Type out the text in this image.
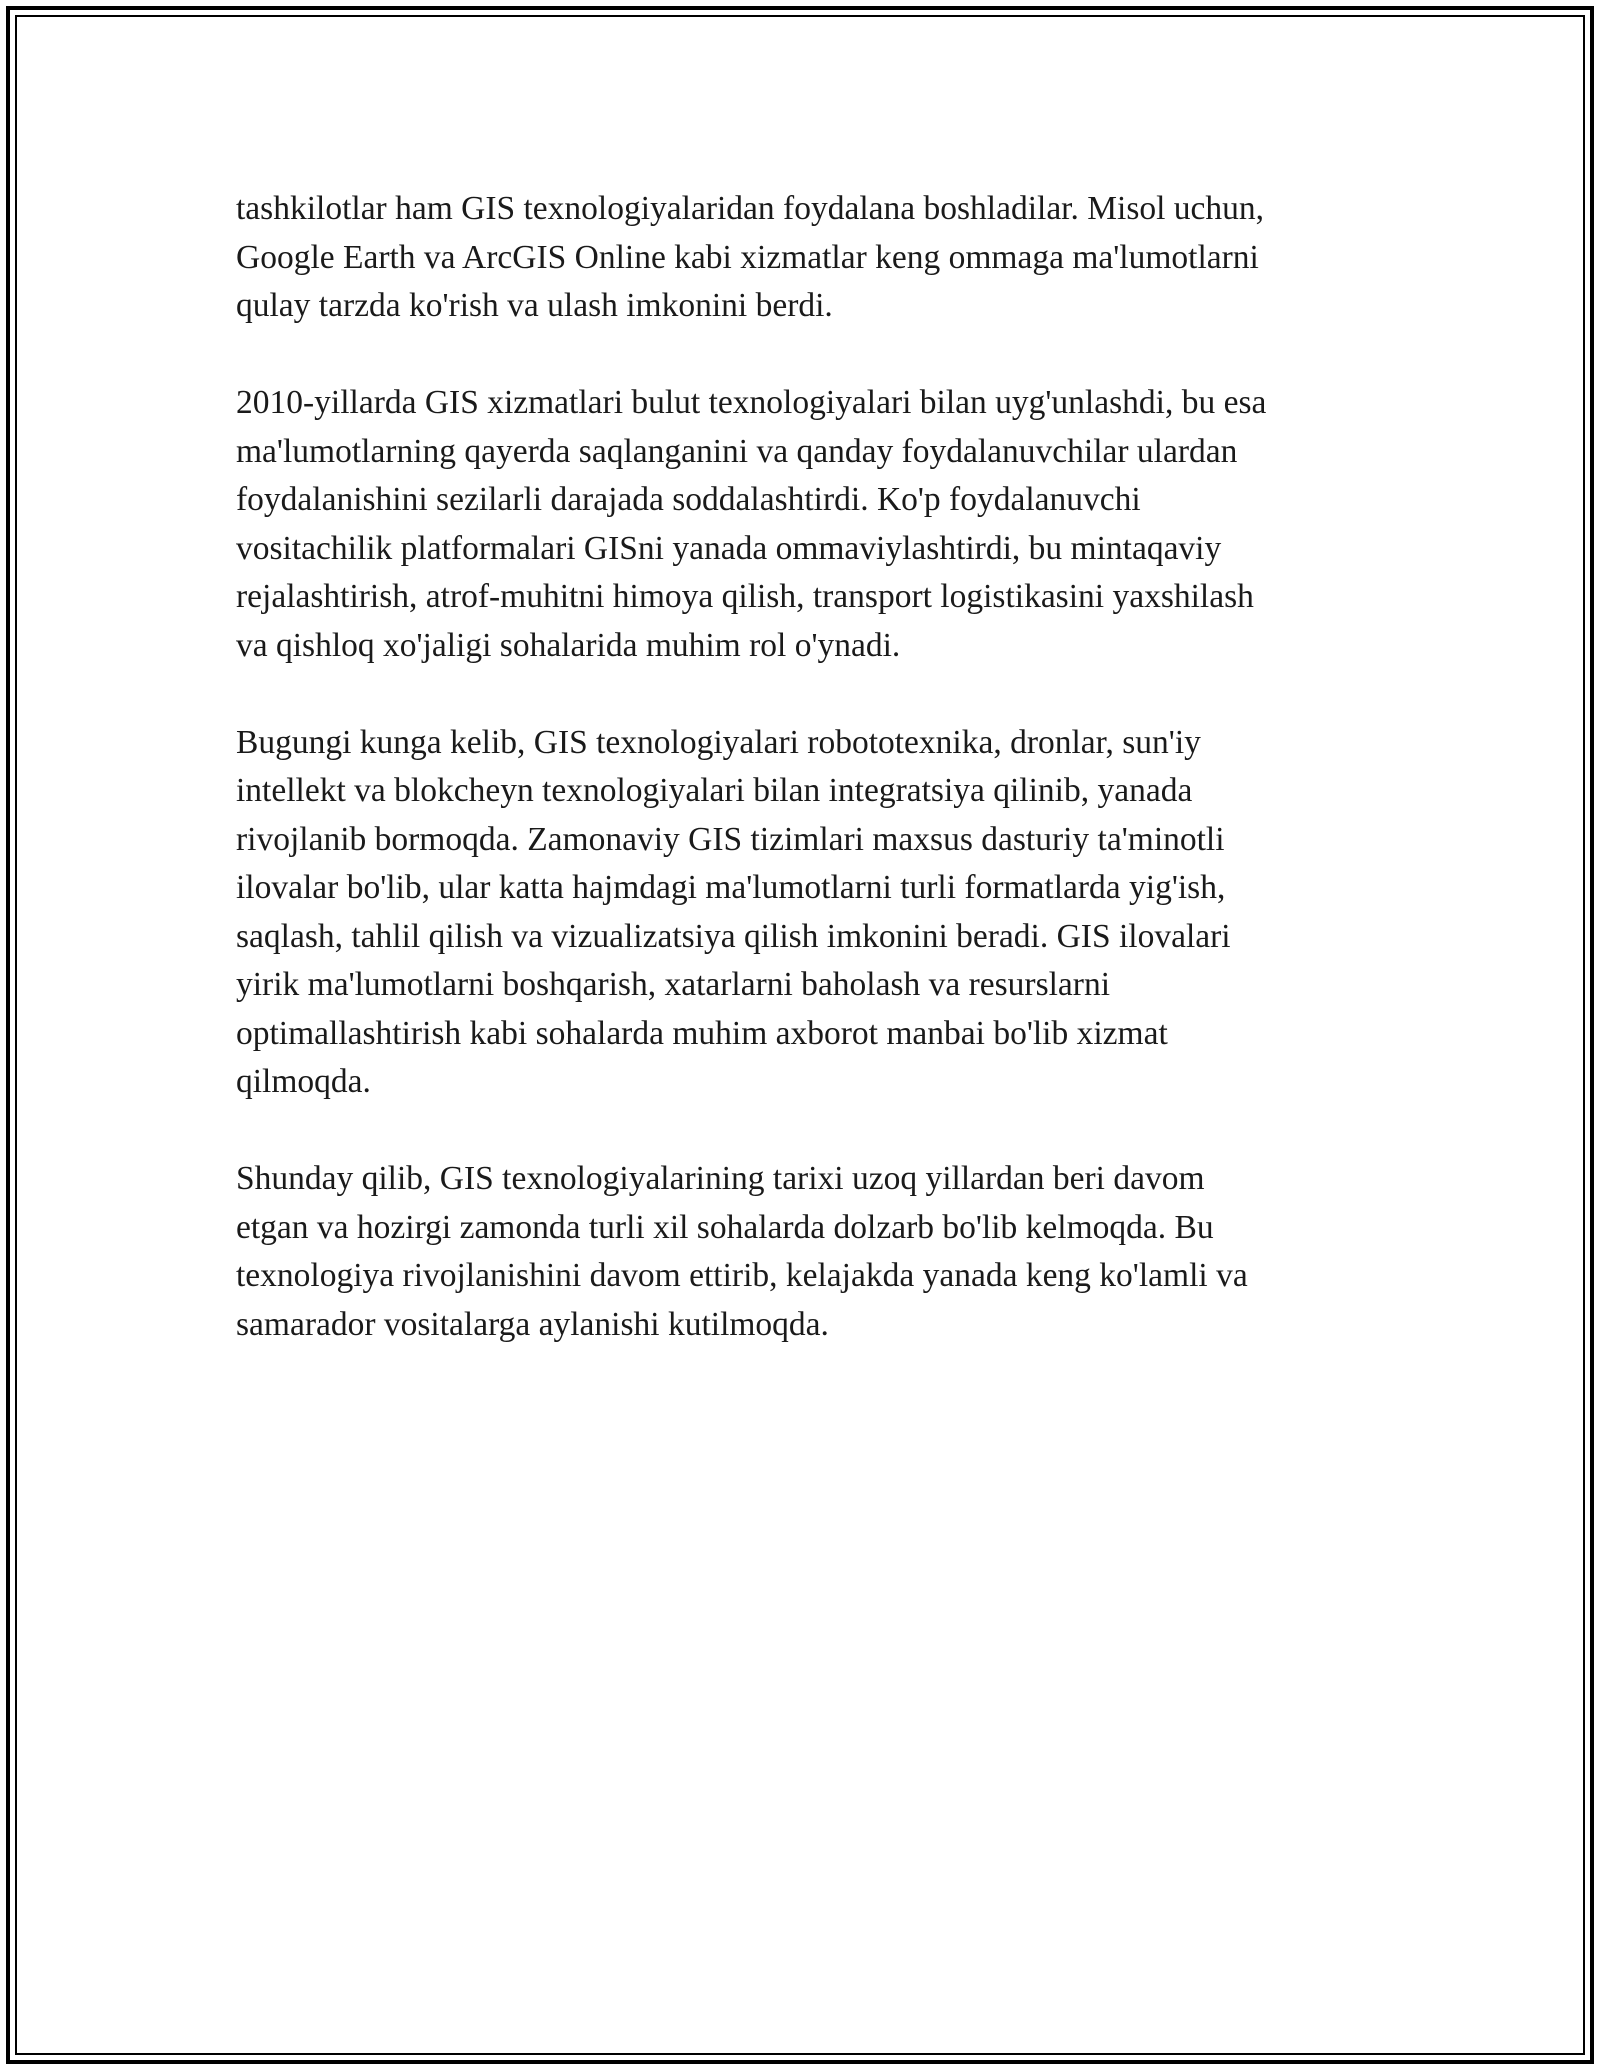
tashkilotlar ham GIS texnologiyalaridan foydalana boshladilar. Misol uchun,
Google Earth va ArcGIS Online kabi xizmatlar keng ommaga ma'lumotlarni
qulay tarzda ko'rish va ulash imkonini berdi.

2010-yillarda GIS xizmatlari bulut texnologiyalari bilan uyg'unlashdi, bu esa
ma'lumotlarning qayerda saqlanganini va qanday foydalanuvchilar ulardan
foydalanishini sezilarli darajada soddalashtirdi. Ko'p foydalanuvchi
vositachilik platformalari GISni yanada ommaviylashtirdi, bu mintaqaviy
rejalashtirish, atrof-muhitni himoya qilish, transport logistikasini yaxshilash
va qishloq xo'jaligi sohalarida muhim rol o'ynadi.

Bugungi kunga kelib, GIS texnologiyalari robototexnika, dronlar, sun'iy
intellekt va blokcheyn texnologiyalari bilan integratsiya qilinib, yanada
rivojlanib bormoqda. Zamonaviy GIS tizimlari maxsus dasturiy ta'minotli
ilovalar bo'lib, ular katta hajmdagi ma'lumotlarni turli formatlarda yig'ish,
saqlash, tahlil qilish va vizualizatsiya qilish imkonini beradi. GIS ilovalari
yirik ma'lumotlarni boshqarish, xatarlarni baholash va resurslarni
optimallashtirish kabi sohalarda muhim axborot manbai bo'lib xizmat
qilmoqda.

Shunday qilib, GIS texnologiyalarining tarixi uzoq yillardan beri davom
etgan va hozirgi zamonda turli xil sohalarda dolzarb bo'lib kelmoqda. Bu
texnologiya rivojlanishini davom ettirib, kelajakda yanada keng ko'lamli va
samarador vositalarga aylanishi kutilmoqda.
